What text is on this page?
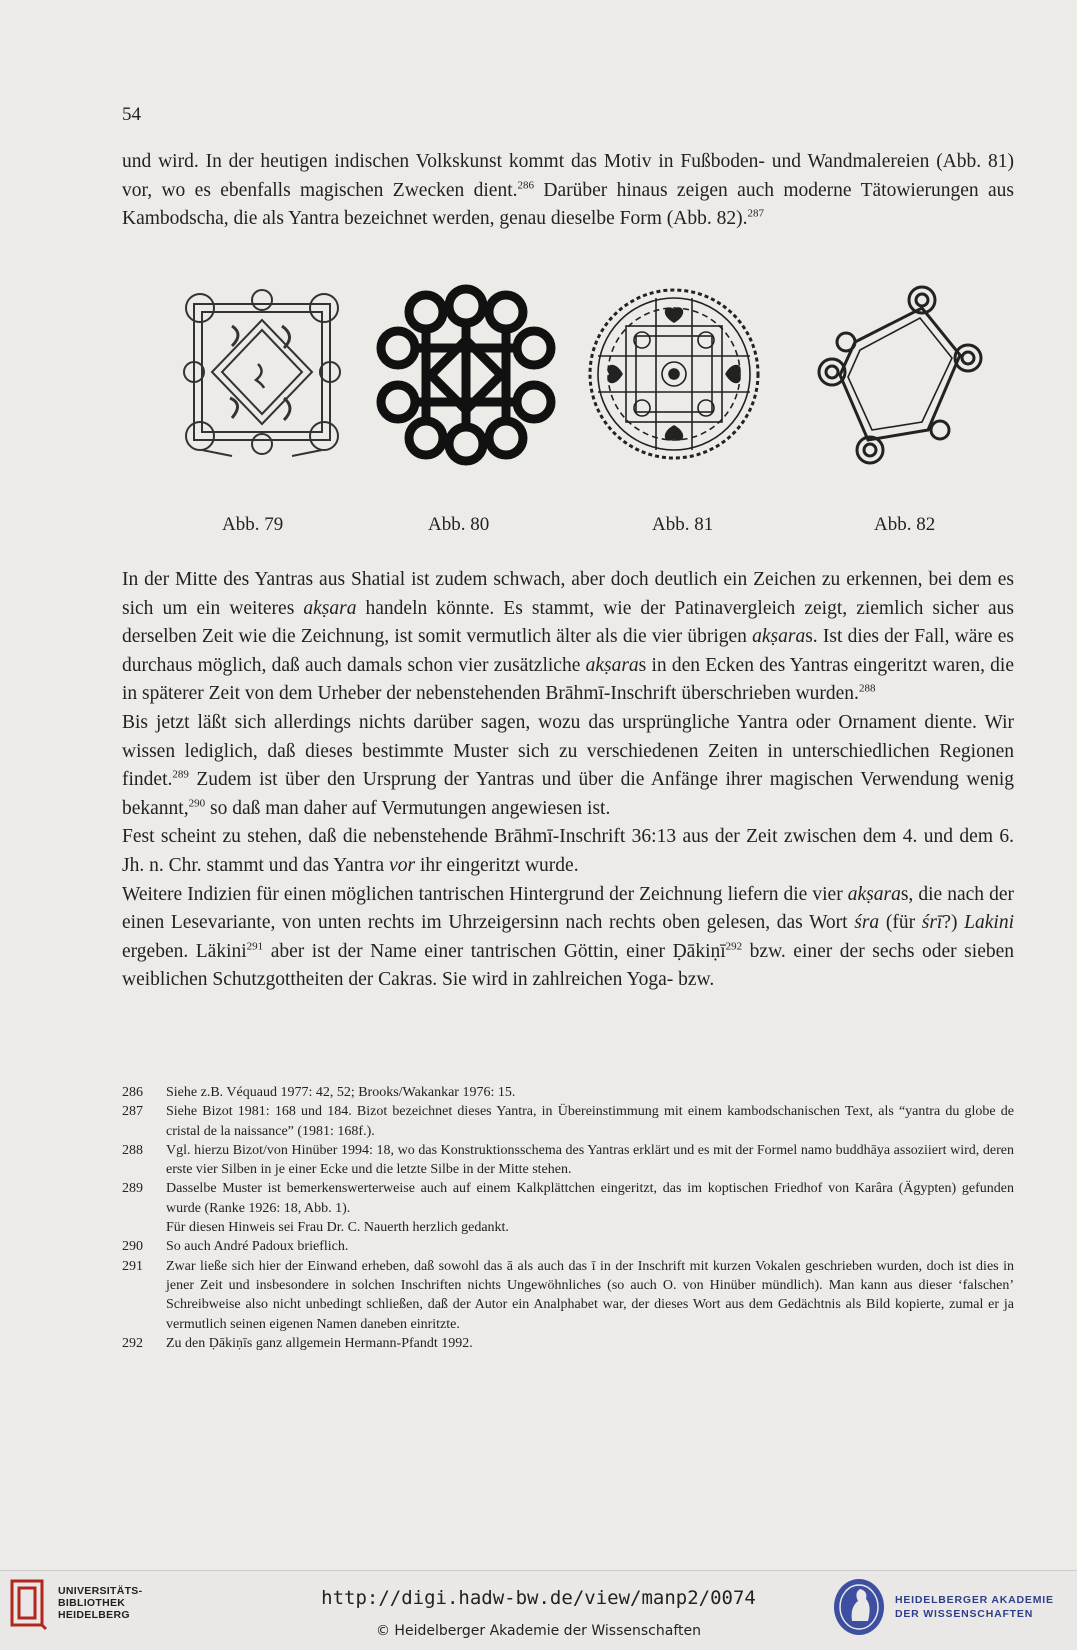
54

und wird. In der heutigen indischen Volkskunst kommt das Motiv in Fußboden- und Wandmalereien (Abb. 81) vor, wo es ebenfalls magischen Zwecken dient.$^{286}$ Darüber hinaus zeigen auch moderne Tätowierungen aus Kambodscha, die als Yantra bezeichnet werden, genau dieselbe Form (Abb. 82).$^{287}$

Abb. 79	Abb. 80	Abb. 81	Abb. 82

In der Mitte des Yantras aus Shatial ist zudem schwach, aber doch deutlich ein Zeichen zu erkennen, bei dem es sich um ein weiteres akṣara handeln könnte. Es stammt, wie der Patinavergleich zeigt, ziemlich sicher aus derselben Zeit wie die Zeichnung, ist somit vermutlich älter als die vier übrigen akṣaras. Ist dies der Fall, wäre es durchaus möglich, daß auch damals schon vier zusätzliche akṣaras in den Ecken des Yantras eingeritzt waren, die in späterer Zeit von dem Urheber der nebenstehenden Brāhmī-Inschrift überschrieben wurden.$^{288}$

Bis jetzt läßt sich allerdings nichts darüber sagen, wozu das ursprüngliche Yantra oder Ornament diente. Wir wissen lediglich, daß dieses bestimmte Muster sich zu verschiedenen Zeiten in unterschiedlichen Regionen findet.$^{289}$ Zudem ist über den Ursprung der Yantras und über die Anfänge ihrer magischen Verwendung wenig bekannt,$^{290}$ so daß man daher auf Vermutungen angewiesen ist.

Fest scheint zu stehen, daß die nebenstehende Brāhmī-Inschrift 36:13 aus der Zeit zwischen dem 4. und dem 6. Jh. n. Chr. stammt und das Yantra vor ihr eingeritzt wurde.

Weitere Indizien für einen möglichen tantrischen Hintergrund der Zeichnung liefern die vier akṣaras, die nach der einen Lesevariante, von unten rechts im Uhrzeigersinn nach rechts oben gelesen, das Wort śra (für śrī?) Lakini ergeben. Läkini$^{291}$ aber ist der Name einer tantrischen Göttin, einer Ḍākiṇī$^{292}$ bzw. einer der sechs oder sieben weiblichen Schutzgottheiten der Cakras. Sie wird in zahlreichen Yoga- bzw.

286	Siehe z.B. Véquaud 1977: 42, 52; Brooks/Wakankar 1976: 15.
287	Siehe Bizot 1981: 168 und 184. Bizot bezeichnet dieses Yantra, in Übereinstimmung mit einem kambodschanischen Text, als “yantra du globe de cristal de la naissance” (1981: 168f.).
288	Vgl. hierzu Bizot/von Hinüber 1994: 18, wo das Konstruktionsschema des Yantras erklärt und es mit der Formel namo buddhāya assoziiert wird, deren erste vier Silben in je einer Ecke und die letzte Silbe in der Mitte stehen.
289	Dasselbe Muster ist bemerkenswerterweise auch auf einem Kalkplättchen eingeritzt, das im koptischen Friedhof von Karâra (Ägypten) gefunden wurde (Ranke 1926: 18, Abb. 1).
Für diesen Hinweis sei Frau Dr. C. Nauerth herzlich gedankt.
290	So auch André Padoux brieflich.
291	Zwar ließe sich hier der Einwand erheben, daß sowohl das ā als auch das ī in der Inschrift mit kurzen Vokalen geschrieben wurden, doch ist dies in jener Zeit und insbesondere in solchen Inschriften nichts Ungewöhnliches (so auch O. von Hinüber mündlich). Man kann aus dieser ‘falschen’ Schreibweise also nicht unbedingt schließen, daß der Autor ein Analphabet war, der dieses Wort aus dem Gedächtnis als Bild kopierte, zumal er ja vermutlich seinen eigenen Namen daneben einritzte.
292	Zu den Ḍākiṇīs ganz allgemein Hermann-Pfandt 1992.
UNIVERSITÄTS-
BIBLIOTHEK
HEIDELBERG
http://digi.hadw-bw.de/view/manp2/0074
© Heidelberger Akademie der Wissenschaften
HEIDELBERGER AKADEMIE
DER WISSENSCHAFTEN
